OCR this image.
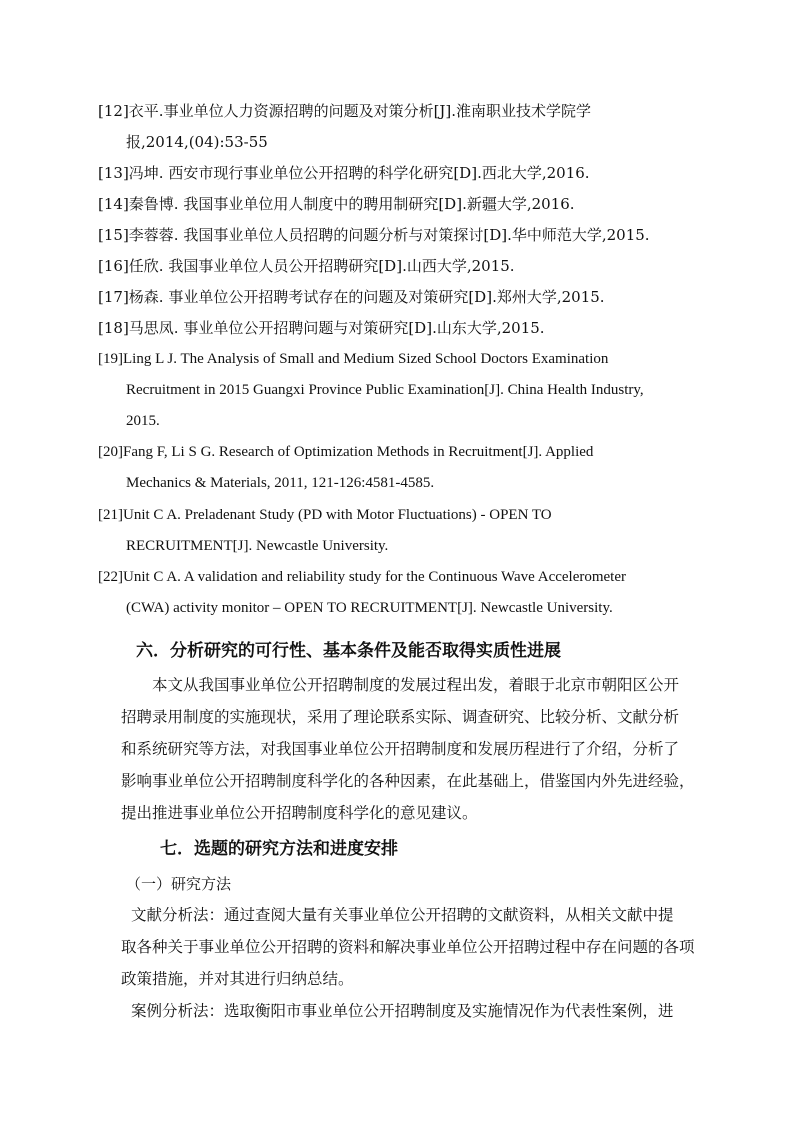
[12]衣平.事业单位人力资源招聘的问题及对策分析[J].淮南职业技术学院学
报,2014,(04):53-55
[13]冯坤. 西安市现行事业单位公开招聘的科学化研究[D].西北大学,2016.
[14]秦鲁博. 我国事业单位用人制度中的聘用制研究[D].新疆大学,2016.
[15]李蓉蓉. 我国事业单位人员招聘的问题分析与对策探讨[D].华中师范大学,2015.
[16]任欣. 我国事业单位人员公开招聘研究[D].山西大学,2015.
[17]杨森. 事业单位公开招聘考试存在的问题及对策研究[D].郑州大学,2015.
[18]马思凤. 事业单位公开招聘问题与对策研究[D].山东大学,2015.
[19]Ling L J. The Analysis of Small and Medium Sized School Doctors Examination
Recruitment in 2015 Guangxi Province Public Examination[J]. China Health Industry,
2015.
[20]Fang F, Li S G. Research of Optimization Methods in Recruitment[J]. Applied
Mechanics & Materials, 2011, 121-126:4581-4585.
[21]Unit C A. Preladenant Study (PD with Motor Fluctuations) - OPEN TO
RECRUITMENT[J]. Newcastle University.
[22]Unit C A. A validation and reliability study for the Continuous Wave Accelerometer
(CWA) activity monitor – OPEN TO RECRUITMENT[J]. Newcastle University.
六．分析研究的可行性、基本条件及能否取得实质性进展
本文从我国事业单位公开招聘制度的发展过程出发，着眼于北京市朝阳区公开
招聘录用制度的实施现状，采用了理论联系实际、调查研究、比较分析、文献分析
和系统研究等方法，对我国事业单位公开招聘制度和发展历程进行了介绍，分析了
影响事业单位公开招聘制度科学化的各种因素，在此基础上，借鉴国内外先进经验，
提出推进事业单位公开招聘制度科学化的意见建议。
七．选题的研究方法和进度安排
（一）研究方法
文献分析法：通过查阅大量有关事业单位公开招聘的文献资料，从相关文献中提
取各种关于事业单位公开招聘的资料和解决事业单位公开招聘过程中存在问题的各项
政策措施，并对其进行归纳总结。
案例分析法：选取衡阳市事业单位公开招聘制度及实施情况作为代表性案例，进
